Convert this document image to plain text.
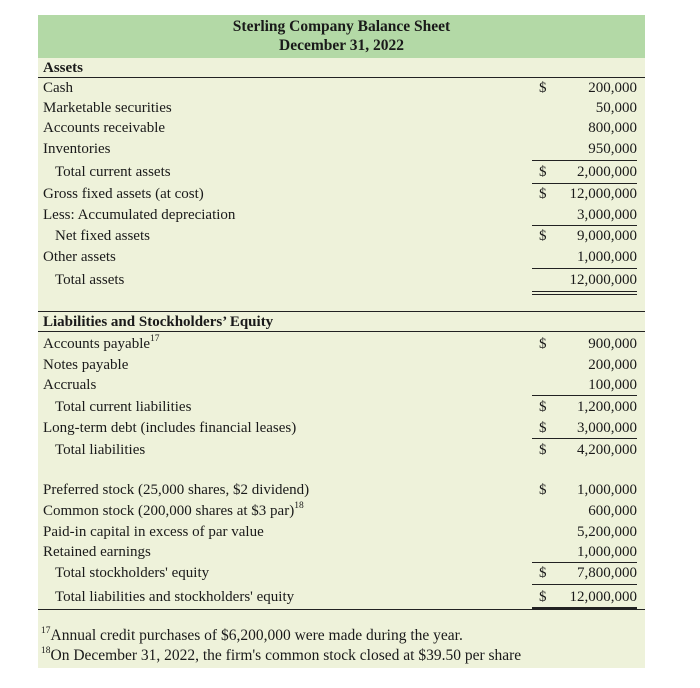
Sterling Company Balance Sheet
December 31, 2022
Assets
Cash	$	200,000
Marketable securities	50,000
Accounts receivable	800,000
Inventories	950,000
Total current assets	$ 2,000,000
Gross fixed assets (at cost)	$ 12,000,000
Less: Accumulated depreciation	3,000,000
Net fixed assets	$ 9,000,000
Other assets	1,000,000
Total assets	12,000,000
Liabilities and Stockholders’ Equity
Accounts payable$^{17}$	$	900,000
Notes payable	200,000
Accruals	100,000
Total current liabilities	$ 1,200,000
Long-term debt (includes financial leases)	$ 3,000,000
Total liabilities	$ 4,200,000
Preferred stock (25,000 shares, $2 dividend)	$ 1,000,000
Common stock (200,000 shares at $3 par)$^{18}$	600,000
Paid-in capital in excess of par value	5,200,000
Retained earnings	1,000,000
Total stockholders' equity	$ 7,800,000
Total liabilities and stockholders' equity	$ 12,000,000
$^{17}$Annual credit purchases of $6,200,000 were made during the year.
$^{18}$On December 31, 2022, the firm's common stock closed at $39.50 per share
